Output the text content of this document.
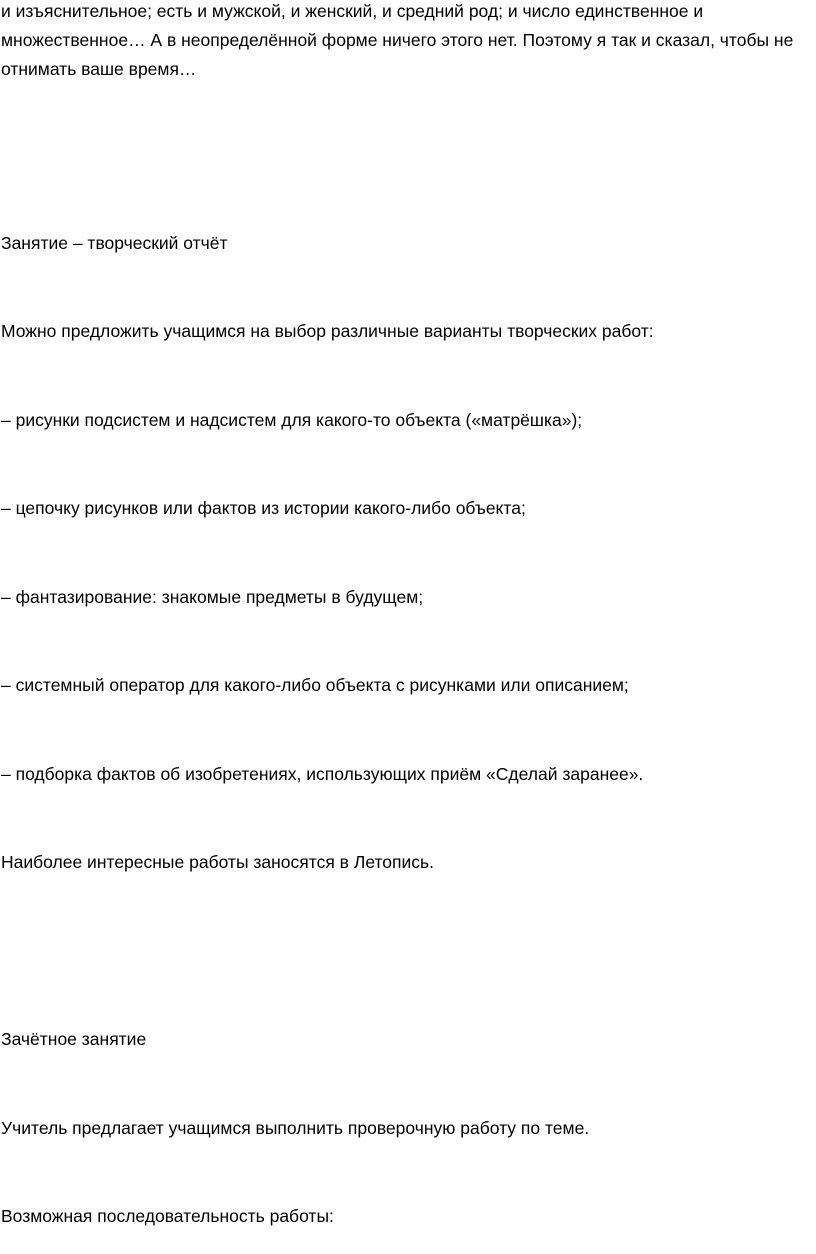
и изъяснительное; есть и мужской, и женский, и средний род; и число единственное и
множественное… А в неопределённой форме ничего этого нет. Поэтому я так и сказал, чтобы не
отнимать ваше время…

Занятие – творческий отчёт

Можно предложить учащимся на выбор различные варианты творческих работ:

– рисунки подсистем и надсистем для какого-то объекта («матрёшка»);

– цепочку рисунков или фактов из истории какого-либо объекта;

– фантазирование: знакомые предметы в будущем;

– системный оператор для какого-либо объекта с рисунками или описанием;

– подборка фактов об изобретениях, использующих приём «Сделай заранее».

Наиболее интересные работы заносятся в Летопись.

Зачётное занятие

Учитель предлагает учащимся выполнить проверочную работу по теме.

Возможная последовательность работы:
